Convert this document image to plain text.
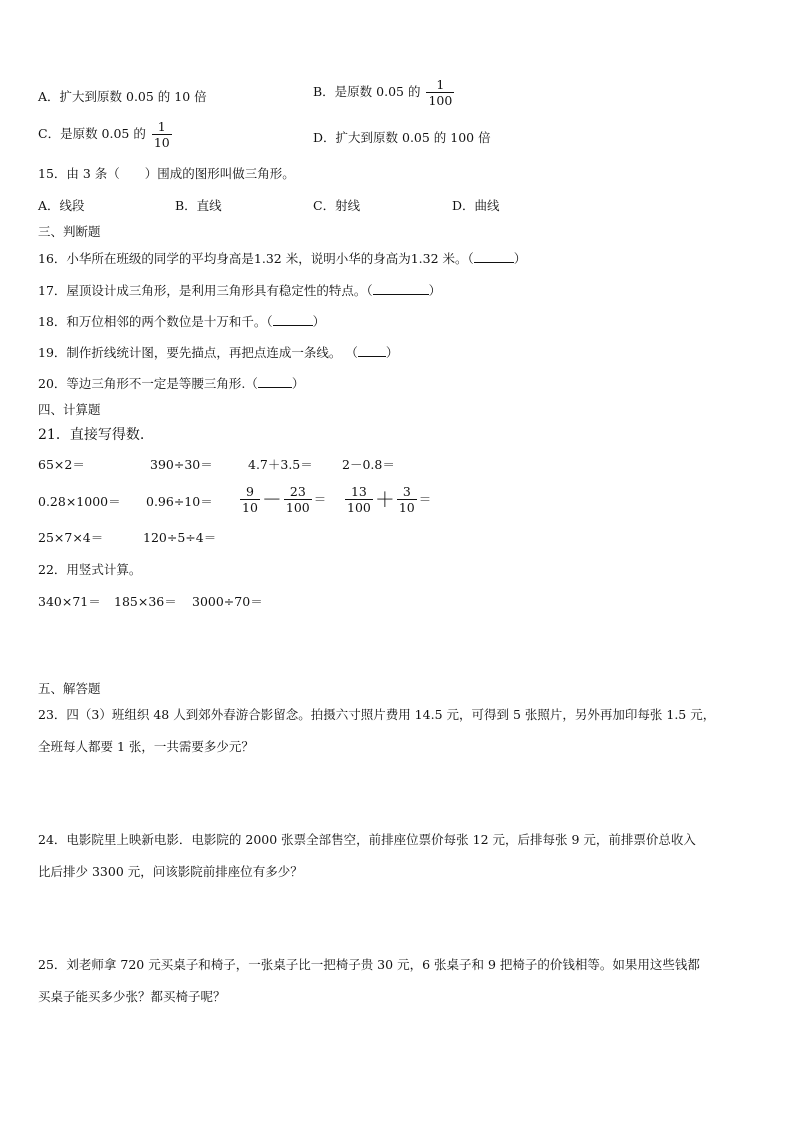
A．扩大到原数 0.05 的 10 倍	B．是原数 0.05 的 $\frac{1}{100}$
C．是原数 0.05 的 $\frac{1}{10}$	D．扩大到原数 0.05 的 100 倍
15．由 3 条（　　）围成的图形叫做三角形。
A．线段	B．直线	C．射线	D．曲线
三、判断题
16．小华所在班级的同学的平均身高是1.32 米，说明小华的身高为1.32 米。（	）
17．屋顶设计成三角形，是利用三角形具有稳定性的特点。（	）
18．和万位相邻的两个数位是十万和千。（	）
19．制作折线统计图，要先描点，再把点连成一条线。 （ ）
20．等边三角形不一定是等腰三角形.（	）
四、计算题
21．直接写得数.
65×2＝	390÷30＝	4.7＋3.5＝ 2－0.8＝
$0.28\times 1000= 0.96\div 10= \frac{9}{10} - \frac{23}{100} = \frac{13}{100} + \frac{3}{10}$ ＝
25×7×4＝	120÷5÷4＝
22．用竖式计算。
340×71＝ 185×36＝ 3000÷70＝
五、解答题
23．四（3）班组织 48 人到郊外春游合影留念。拍摄六寸照片费用 14.5 元，可得到 5 张照片，另外再加印每张 1.5 元，
全班每人都要 1 张，一共需要多少元？
24．电影院里上映新电影．电影院的 2000 张票全部售空，前排座位票价每张 12 元，后排每张 9 元，前排票价总收入
比后排少 3300 元，问该影院前排座位有多少？
25．刘老师拿 720 元买桌子和椅子，一张桌子比一把椅子贵 30 元，6 张桌子和 9 把椅子的价钱相等。如果用这些钱都
买桌子能买多少张？都买椅子呢？
